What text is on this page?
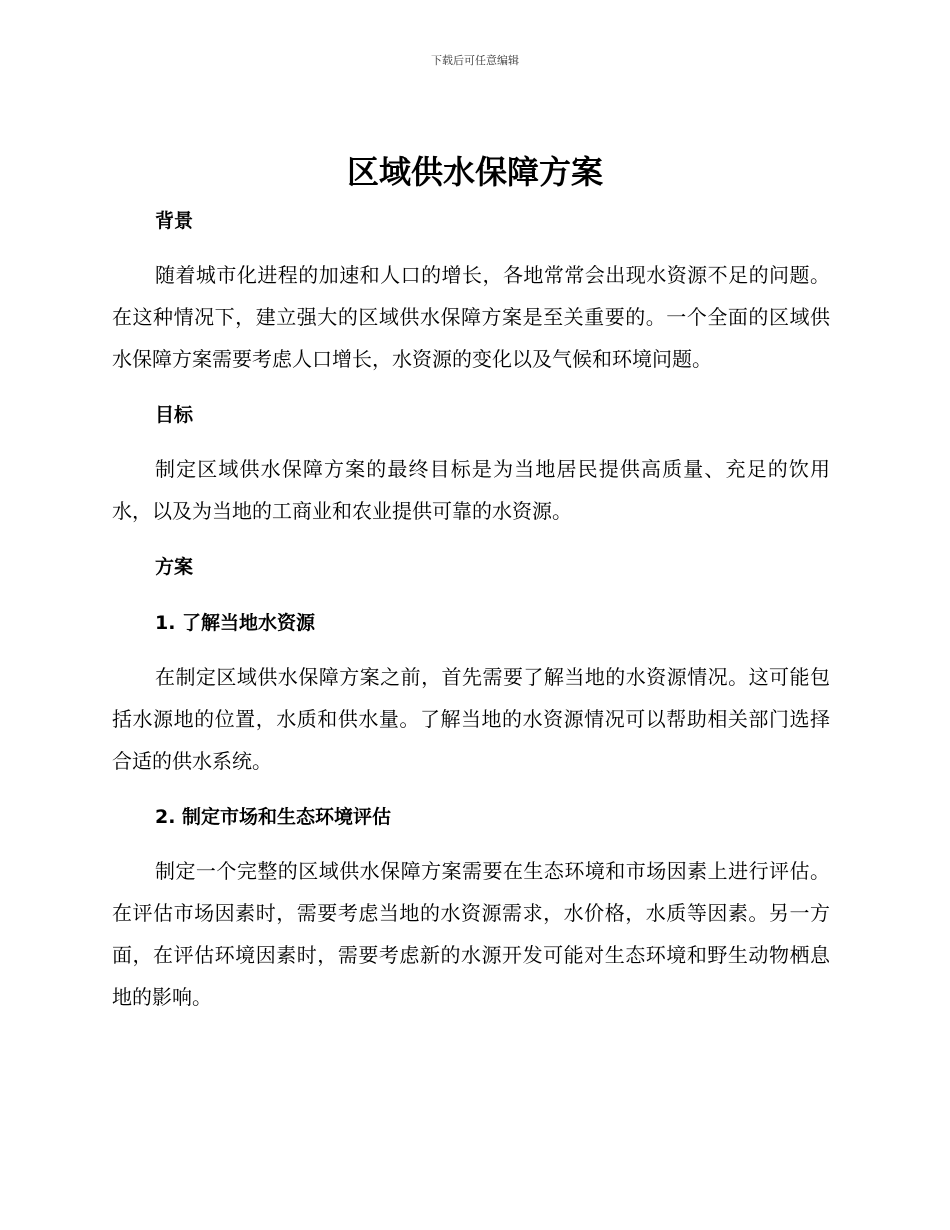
下载后可任意编辑
区域供水保障方案
背景

随着城市化进程的加速和人口的增长，各地常常会出现水资源不足的问题。在这种情况下，建立强大的区域供水保障方案是至关重要的。一个全面的区域供水保障方案需要考虑人口增长，水资源的变化以及气候和环境问题。

目标

制定区域供水保障方案的最终目标是为当地居民提供高质量、充足的饮用水，以及为当地的工商业和农业提供可靠的水资源。

方案
1. 了解当地水资源

在制定区域供水保障方案之前，首先需要了解当地的水资源情况。这可能包括水源地的位置，水质和供水量。了解当地的水资源情况可以帮助相关部门选择合适的供水系统。

2. 制定市场和生态环境评估

制定一个完整的区域供水保障方案需要在生态环境和市场因素上进行评估。在评估市场因素时，需要考虑当地的水资源需求，水价格，水质等因素。另一方面，在评估环境因素时，需要考虑新的水源开发可能对生态环境和野生动物栖息地的影响。
